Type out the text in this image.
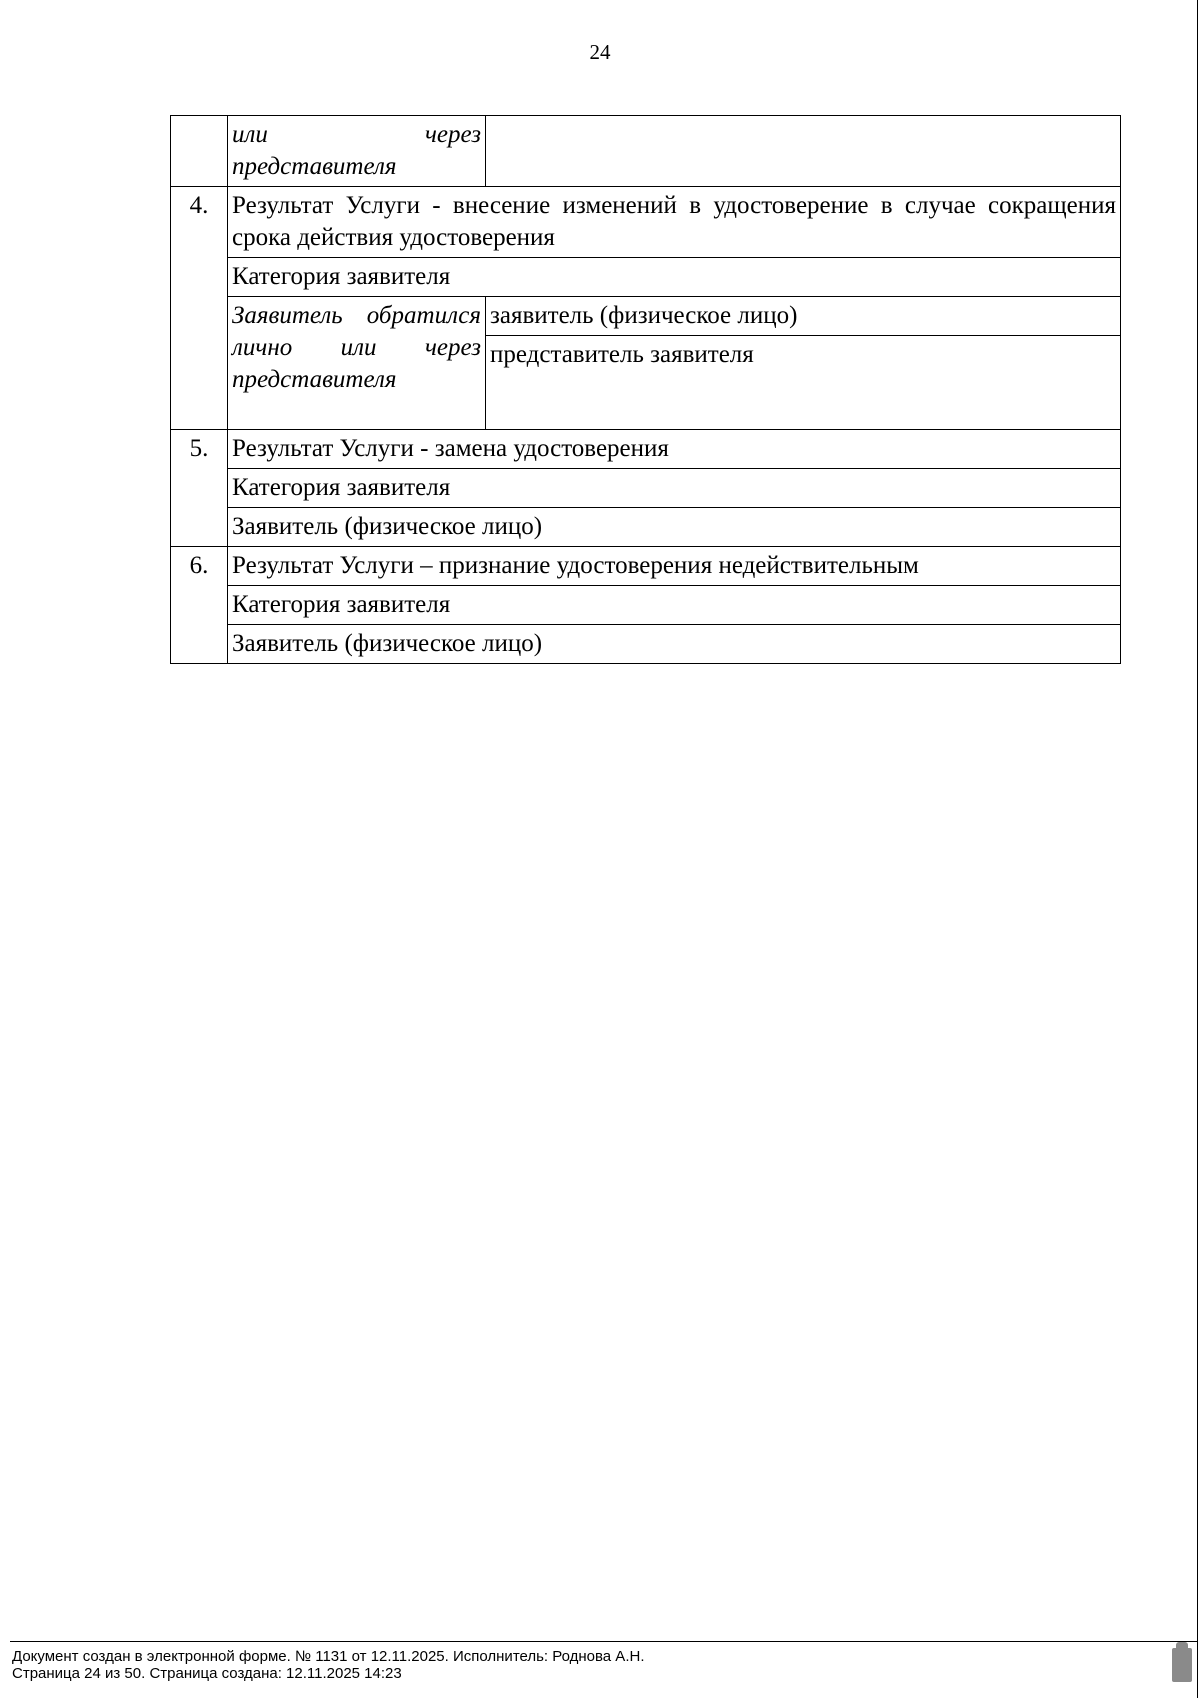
24
	или через представителя	
4.	Результат Услуги - внесение изменений в удостоверение в случае сокращения срока действия удостоверения	
	Категория заявителя	
	Заявитель обратился лично или через представителя	заявитель (физическое лицо)
		представитель заявителя
5.	Результат Услуги - замена удостоверения	
	Категория заявителя	
	Заявитель (физическое лицо)	
6.	Результат Услуги – признание удостоверения недействительным	
	Категория заявителя	
	Заявитель (физическое лицо)	
Документ создан в электронной форме. № 1131 от 12.11.2025. Исполнитель: Роднова А.Н.
Страница 24 из 50. Страница создана: 12.11.2025 14:23
